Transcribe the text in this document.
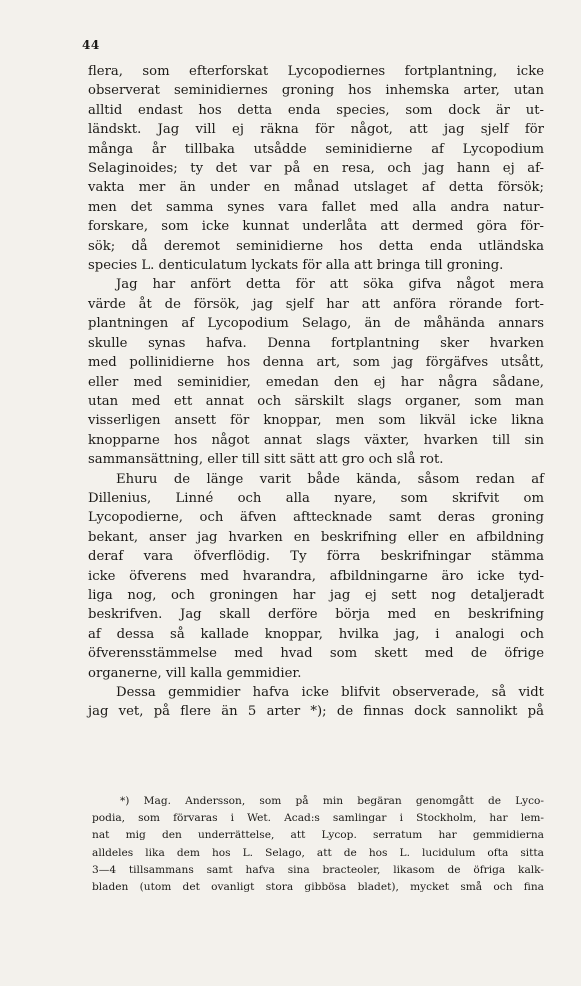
44
flera, som efterforskat Lycopodiernes fortplantning, icke
observerat seminidiernes groning hos inhemska arter, utan
alltid endast hos detta enda species, som dock är ut-
ländskt. Jag vill ej räkna för något, att jag sjelf för
många år tillbaka utsådde seminidierne af Lycopodium
Selaginoides; ty det var på en resa, och jag hann ej af-
vakta mer än under en månad utslaget af detta försök;
men det samma synes vara fallet med alla andra natur-
forskare, som icke kunnat underlåta att dermed göra för-
sök; då deremot seminidierne hos detta enda utländska
species L. denticulatum lyckats för alla att bringa till groning.
Jag har anfört detta för att söka gifva något mera
värde åt de försök, jag sjelf har att anföra rörande fort-
plantningen af Lycopodium Selago, än de måhända annars
skulle synas hafva. Denna fortplantning sker hvarken
med pollinidierne hos denna art, som jag förgäfves utsått,
eller med seminidier, emedan den ej har några sådane,
utan med ett annat och särskilt slags organer, som man
visserligen ansett för knoppar, men som likväl icke likna
knopparne hos något annat slags växter, hvarken till sin
sammansättning, eller till sitt sätt att gro och slå rot.
Ehuru de länge varit både kända, såsom redan af
Dillenius, Linné och alla nyare, som skrifvit om
Lycopodierne, och äfven afttecknade samt deras groning
bekant, anser jag hvarken en beskrifning eller en afbildning
deraf vara öfverflödig. Ty förra beskrifningar stämma
icke öfverens med hvarandra, afbildningarne äro icke tyd-
liga nog, och groningen har jag ej sett nog detaljeradt
beskrifven. Jag skall derföre börja med en beskrifning
af dessa så kallade knoppar, hvilka jag, i analogi och
öfverensstämmelse med hvad som skett med de öfrige
organerne, vill kalla gemmidier.
Dessa gemmidier hafva icke blifvit observerade, så vidt
jag vet, på flere än 5 arter *); de finnas dock sannolikt på
*) Mag. Andersson, som på min begäran genomgått de Lyco-
podia, som förvaras i Wet. Acad:s samlingar i Stockholm, har lem-
nat mig den underrättelse, att Lycop. serratum har gemmidierna
alldeles lika dem hos L. Selago, att de hos L. lucidulum ofta sitta
3—4 tillsammans samt hafva sina bracteoler, likasom de öfriga kalk-
bladen (utom det ovanligt stora gibbösa bladet), mycket små och fina
